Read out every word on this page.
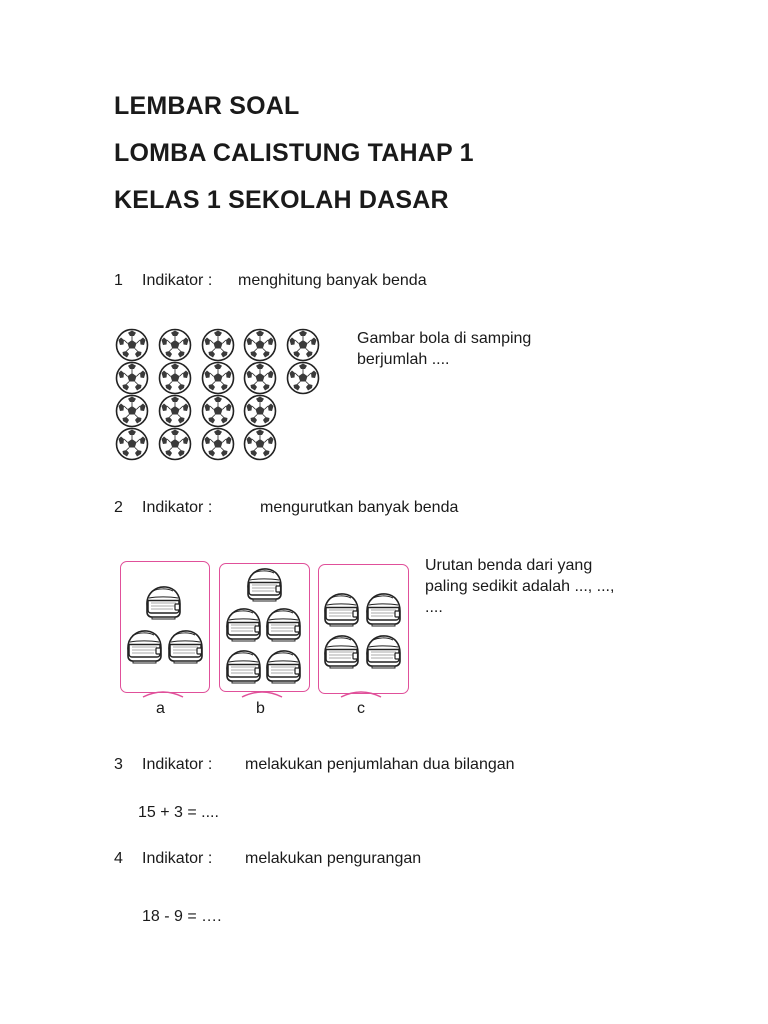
LEMBAR SOAL
LOMBA CALISTUNG TAHAP 1
KELAS 1 SEKOLAH DASAR
1 Indikator : menghitung banyak benda
Gambar bola di samping
berjumlah ....
2 Indikator :	mengurutkan banyak benda
a	b	c
Urutan benda dari yang
paling sedikit adalah ..., ...,
....
3 Indikator : melakukan penjumlahan dua bilangan
15 + 3 = ....
4 Indikator : melakukan pengurangan
18 - 9 = ….
